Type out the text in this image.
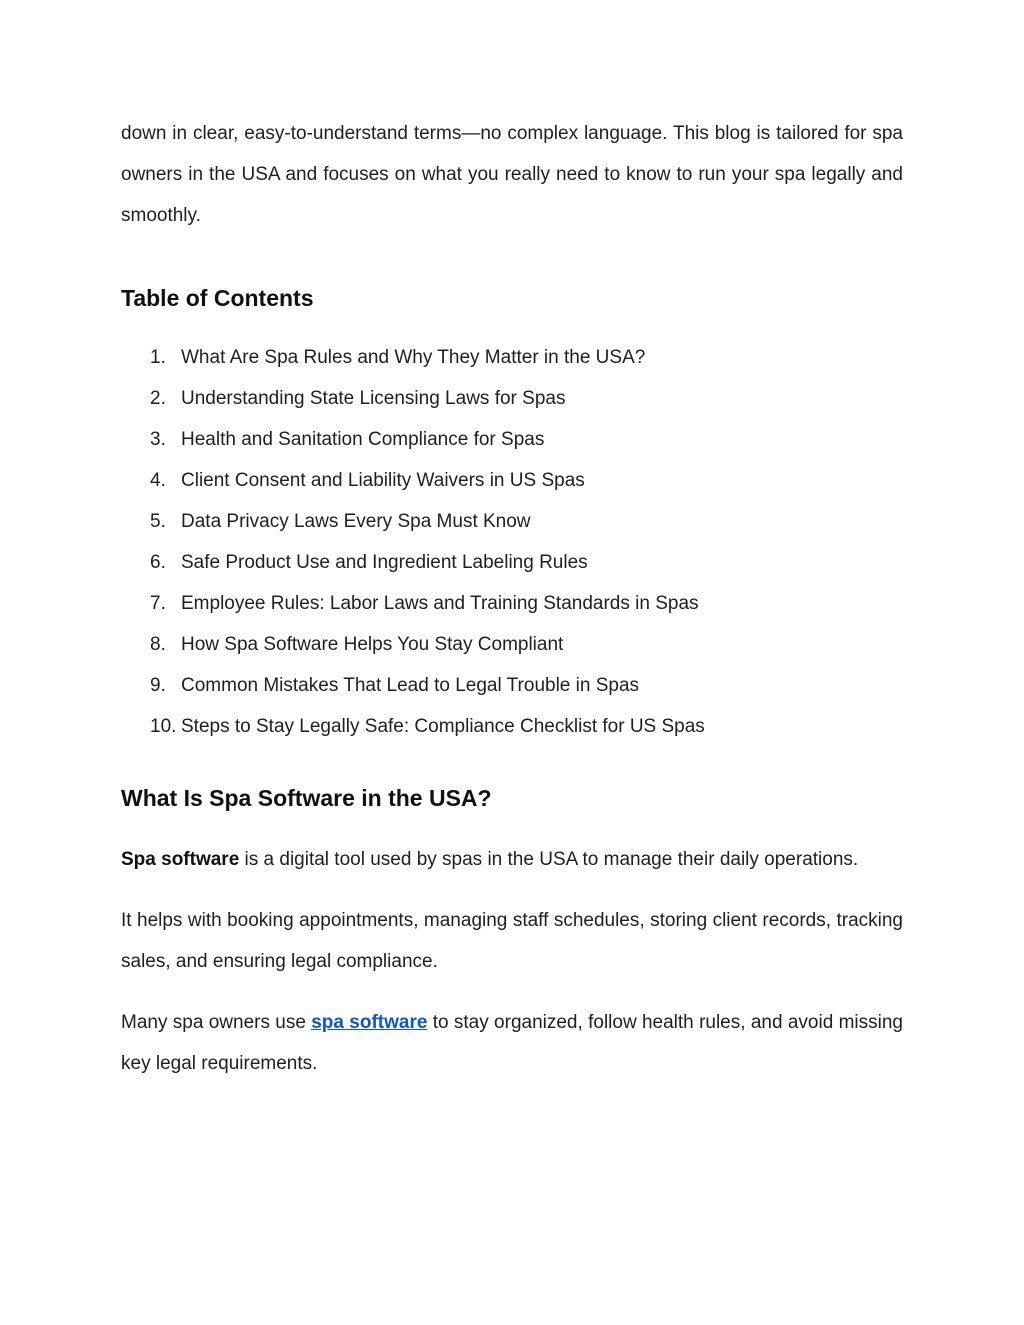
down in clear, easy-to-understand terms—no complex language. This blog is tailored for spa owners in the USA and focuses on what you really need to know to run your spa legally and smoothly.

Table of Contents
1. What Are Spa Rules and Why They Matter in the USA?
2. Understanding State Licensing Laws for Spas
3. Health and Sanitation Compliance for Spas
4. Client Consent and Liability Waivers in US Spas
5. Data Privacy Laws Every Spa Must Know
6. Safe Product Use and Ingredient Labeling Rules
7. Employee Rules: Labor Laws and Training Standards in Spas
8. How Spa Software Helps You Stay Compliant
9. Common Mistakes That Lead to Legal Trouble in Spas
10. Steps to Stay Legally Safe: Compliance Checklist for US Spas
What Is Spa Software in the USA?

Spa software is a digital tool used by spas in the USA to manage their daily operations.

It helps with booking appointments, managing staff schedules, storing client records, tracking sales, and ensuring legal compliance.

Many spa owners use spa software to stay organized, follow health rules, and avoid missing key legal requirements.
